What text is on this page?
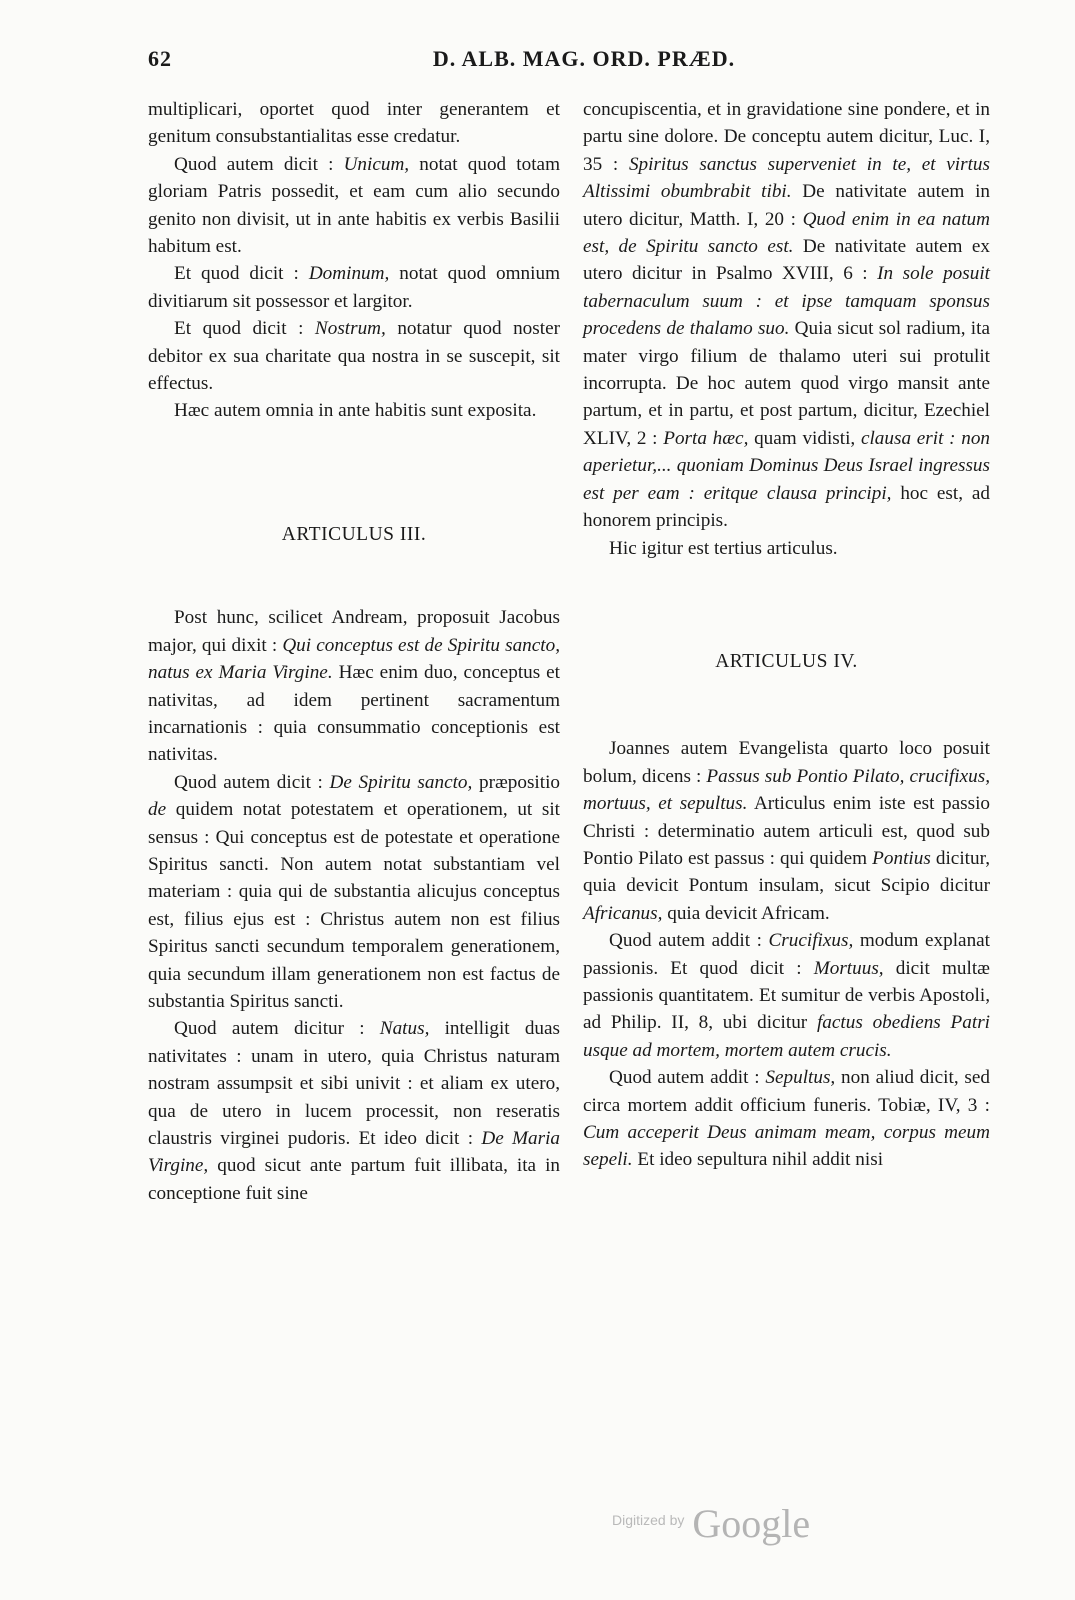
62	D. ALB. MAG. ORD. PRÆD.

multiplicari, oportet quod inter generantem et genitum consubstantialitas esse credatur.

Quod autem dicit : Unicum, notat quod totam gloriam Patris possedit, et eam cum alio secundo genito non divisit, ut in ante habitis ex verbis Basilii habitum est.

Et quod dicit : Dominum, notat quod omnium divitiarum sit possessor et largitor.

Et quod dicit : Nostrum, notatur quod noster debitor ex sua charitate qua nostra in se suscepit, sit effectus.

Hæc autem omnia in ante habitis sunt exposita.

ARTICULUS III.

Post hunc, scilicet Andream, proposuit Jacobus major, qui dixit : Qui conceptus est de Spiritu sancto, natus ex Maria Virgine. Hæc enim duo, conceptus et nativitas, ad idem pertinent sacramentum incarnationis : quia consummatio conceptionis est nativitas.

Quod autem dicit : De Spiritu sancto, præpositio de quidem notat potestatem et operationem, ut sit sensus : Qui conceptus est de potestate et operatione Spiritus sancti. Non autem notat substantiam vel materiam : quia qui de substantia alicujus conceptus est, filius ejus est : Christus autem non est filius Spiritus sancti secundum temporalem generationem, quia secundum illam generationem non est factus de substantia Spiritus sancti.

Quod autem dicitur : Natus, intelligit duas nativitates : unam in utero, quia Christus naturam nostram assumpsit et sibi univit : et aliam ex utero, qua de utero in lucem processit, non reseratis claustris virginei pudoris. Et ideo dicit : De Maria Virgine, quod sicut ante partum fuit illibata, ita in conceptione fuit sine

concupiscentia, et in gravidatione sine pondere, et in partu sine dolore. De conceptu autem dicitur, Luc. I, 35 : Spiritus sanctus superveniet in te, et virtus Altissimi obumbrabit tibi. De nativitate autem in utero dicitur, Matth. I, 20 : Quod enim in ea natum est, de Spiritu sancto est. De nativitate autem ex utero dicitur in Psalmo XVIII, 6 : In sole posuit tabernaculum suum : et ipse tamquam sponsus procedens de thalamo suo. Quia sicut sol radium, ita mater virgo filium de thalamo uteri sui protulit incorrupta. De hoc autem quod virgo mansit ante partum, et in partu, et post partum, dicitur, Ezechiel XLIV, 2 : Porta hæc, quam vidisti, clausa erit : non aperietur,... quoniam Dominus Deus Israel ingressus est per eam : eritque clausa principi, hoc est, ad honorem principis.

Hic igitur est tertius articulus.

ARTICULUS IV.

Joannes autem Evangelista quarto loco posuit bolum, dicens : Passus sub Pontio Pilato, crucifixus, mortuus, et sepultus. Articulus enim iste est passio Christi : determinatio autem articuli est, quod sub Pontio Pilato est passus : qui quidem Pontius dicitur, quia devicit Pontum insulam, sicut Scipio dicitur Africanus, quia devicit Africam.

Quod autem addit : Crucifixus, modum explanat passionis. Et quod dicit : Mortuus, dicit multæ passionis quantitatem. Et sumitur de verbis Apostoli, ad Philip. II, 8, ubi dicitur factus obediens Patri usque ad mortem, mortem autem crucis.

Quod autem addit : Sepultus, non aliud dicit, sed circa mortem addit officium funeris. Tobiæ, IV, 3 : Cum acceperit Deus animam meam, corpus meum sepeli. Et ideo sepultura nihil addit nisi

Digitized by Google
